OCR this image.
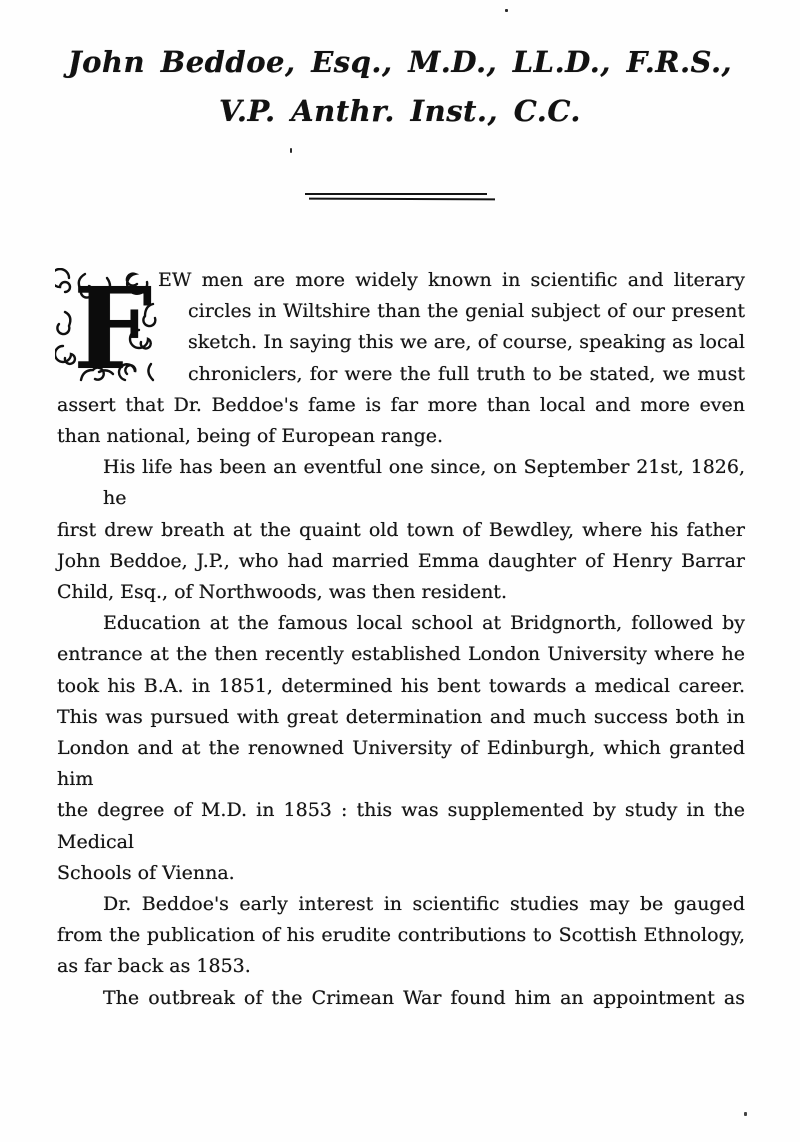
John Beddoe, Esq., M.D., LL.D., F.R.S.,
V.P. Anthr. Inst., C.C.
F EW men are more widely known in scientific and literary
circles in Wiltshire than the genial subject of our present
sketch. In saying this we are, of course, speaking as local
chroniclers, for were the full truth to be stated, we must
assert that Dr. Beddoe's fame is far more than local and more even
than national, being of European range.
His life has been an eventful one since, on September 21st, 1826, he
first drew breath at the quaint old town of Bewdley, where his father
John Beddoe, J.P., who had married Emma daughter of Henry Barrar
Child, Esq., of Northwoods, was then resident.
Education at the famous local school at Bridgnorth, followed by
entrance at the then recently established London University where he
took his B.A. in 1851, determined his bent towards a medical career.
This was pursued with great determination and much success both in
London and at the renowned University of Edinburgh, which granted him
the degree of M.D. in 1853 : this was supplemented by study in the Medical
Schools of Vienna.
Dr. Beddoe's early interest in scientific studies may be gauged
from the publication of his erudite contributions to Scottish Ethnology,
as far back as 1853.
The outbreak of the Crimean War found him an appointment as
